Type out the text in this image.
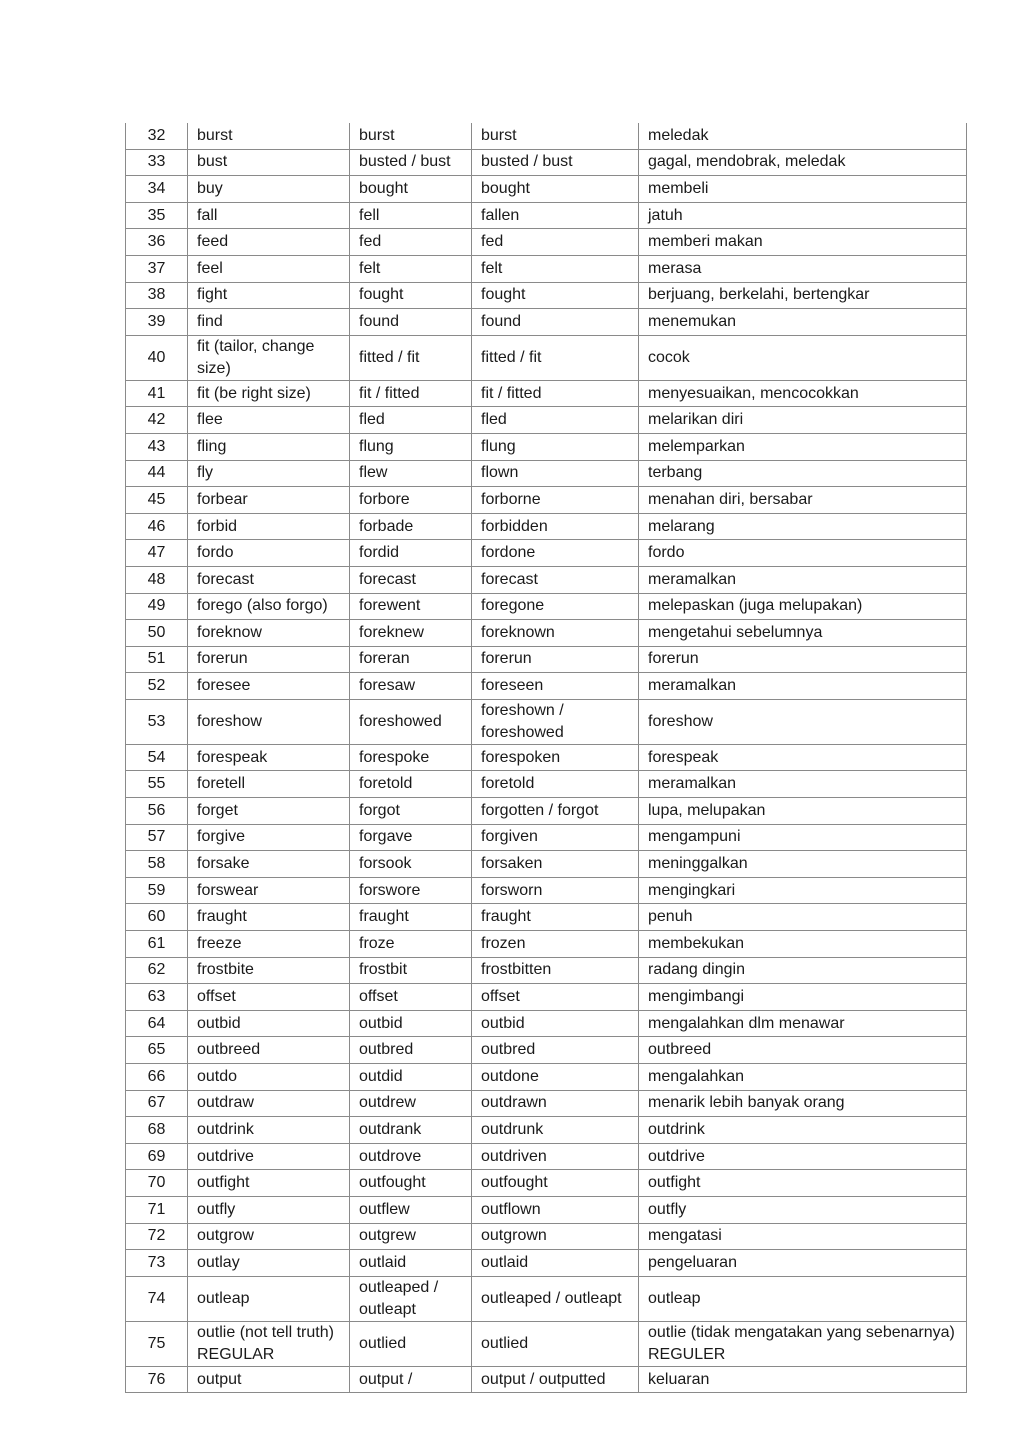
32	burst	burst	burst	meledak
33	bust	busted / bust	busted / bust	gagal, mendobrak, meledak
34	buy	bought	bought	membeli
35	fall	fell	fallen	jatuh
36	feed	fed	fed	memberi makan
37	feel	felt	felt	merasa
38	fight	fought	fought	berjuang, berkelahi, bertengkar
39	find	found	found	menemukan
40	fit (tailor, change size)	fitted / fit	fitted / fit	cocok
41	fit (be right size)	fit / fitted	fit / fitted	menyesuaikan, mencocokkan
42	flee	fled	fled	melarikan diri
43	fling	flung	flung	melemparkan
44	fly	flew	flown	terbang
45	forbear	forbore	forborne	menahan diri, bersabar
46	forbid	forbade	forbidden	melarang
47	fordo	fordid	fordone	fordo
48	forecast	forecast	forecast	meramalkan
49	forego (also forgo)	forewent	foregone	melepaskan (juga melupakan)
50	foreknow	foreknew	foreknown	mengetahui sebelumnya
51	forerun	foreran	forerun	forerun
52	foresee	foresaw	foreseen	meramalkan
53	foreshow	foreshowed	foreshown / foreshowed	foreshow
54	forespeak	forespoke	forespoken	forespeak
55	foretell	foretold	foretold	meramalkan
56	forget	forgot	forgotten / forgot	lupa, melupakan
57	forgive	forgave	forgiven	mengampuni
58	forsake	forsook	forsaken	meninggalkan
59	forswear	forswore	forsworn	mengingkari
60	fraught	fraught	fraught	penuh
61	freeze	froze	frozen	membekukan
62	frostbite	frostbit	frostbitten	radang dingin
63	offset	offset	offset	mengimbangi
64	outbid	outbid	outbid	mengalahkan dlm menawar
65	outbreed	outbred	outbred	outbreed
66	outdo	outdid	outdone	mengalahkan
67	outdraw	outdrew	outdrawn	menarik lebih banyak orang
68	outdrink	outdrank	outdrunk	outdrink
69	outdrive	outdrove	outdriven	outdrive
70	outfight	outfought	outfought	outfight
71	outfly	outflew	outflown	outfly
72	outgrow	outgrew	outgrown	mengatasi
73	outlay	outlaid	outlaid	pengeluaran
74	outleap	outleaped / outleapt	outleaped / outleapt	outleap
75	outlie (not tell truth) REGULAR	outlied	outlied	outlie (tidak mengatakan yang sebenarnya) REGULER
76	output	output /	output / outputted	keluaran
